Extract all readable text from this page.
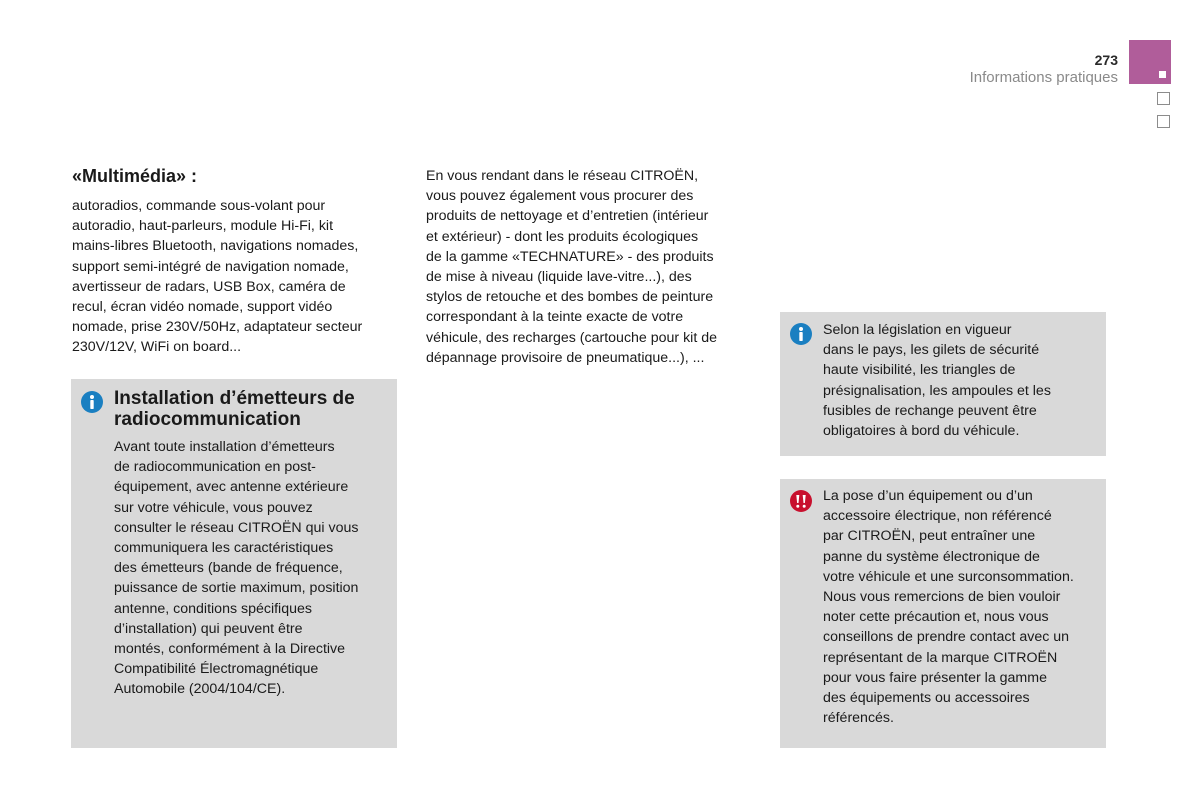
273
Informations pratiques
«Multimédia» :
autoradios, commande sous-volant pour
autoradio, haut-parleurs, module Hi-Fi, kit
mains-libres Bluetooth, navigations nomades,
support semi-intégré de navigation nomade,
avertisseur de radars, USB Box, caméra de
recul, écran vidéo nomade, support vidéo
nomade, prise 230V/50Hz, adaptateur secteur
230V/12V, WiFi on board...
Installation d’émetteurs de
radiocommunication
Avant toute installation d’émetteurs
de radiocommunication en post-
équipement, avec antenne extérieure
sur votre véhicule, vous pouvez
consulter le réseau CITROËN qui vous
communiquera les caractéristiques
des émetteurs (bande de fréquence,
puissance de sortie maximum, position
antenne, conditions spécifiques
d’installation) qui peuvent être
montés, conformément à la Directive
Compatibilité Électromagnétique
Automobile (2004/104/CE).
En vous rendant dans le réseau CITROËN,
vous pouvez également vous procurer des
produits de nettoyage et d’entretien (intérieur
et extérieur) - dont les produits écologiques
de la gamme «TECHNATURE» - des produits
de mise à niveau (liquide lave-vitre...), des
stylos de retouche et des bombes de peinture
correspondant à la teinte exacte de votre
véhicule, des recharges (cartouche pour kit de
dépannage provisoire de pneumatique...), ...
Selon la législation en vigueur
dans le pays, les gilets de sécurité
haute visibilité, les triangles de
présignalisation, les ampoules et les
fusibles de rechange peuvent être
obligatoires à bord du véhicule.
La pose d’un équipement ou d’un
accessoire électrique, non référencé
par CITROËN, peut entraîner une
panne du système électronique de
votre véhicule et une surconsommation.
Nous vous remercions de bien vouloir
noter cette précaution et, nous vous
conseillons de prendre contact avec un
représentant de la marque CITROËN
pour vous faire présenter la gamme
des équipements ou accessoires
référencés.
